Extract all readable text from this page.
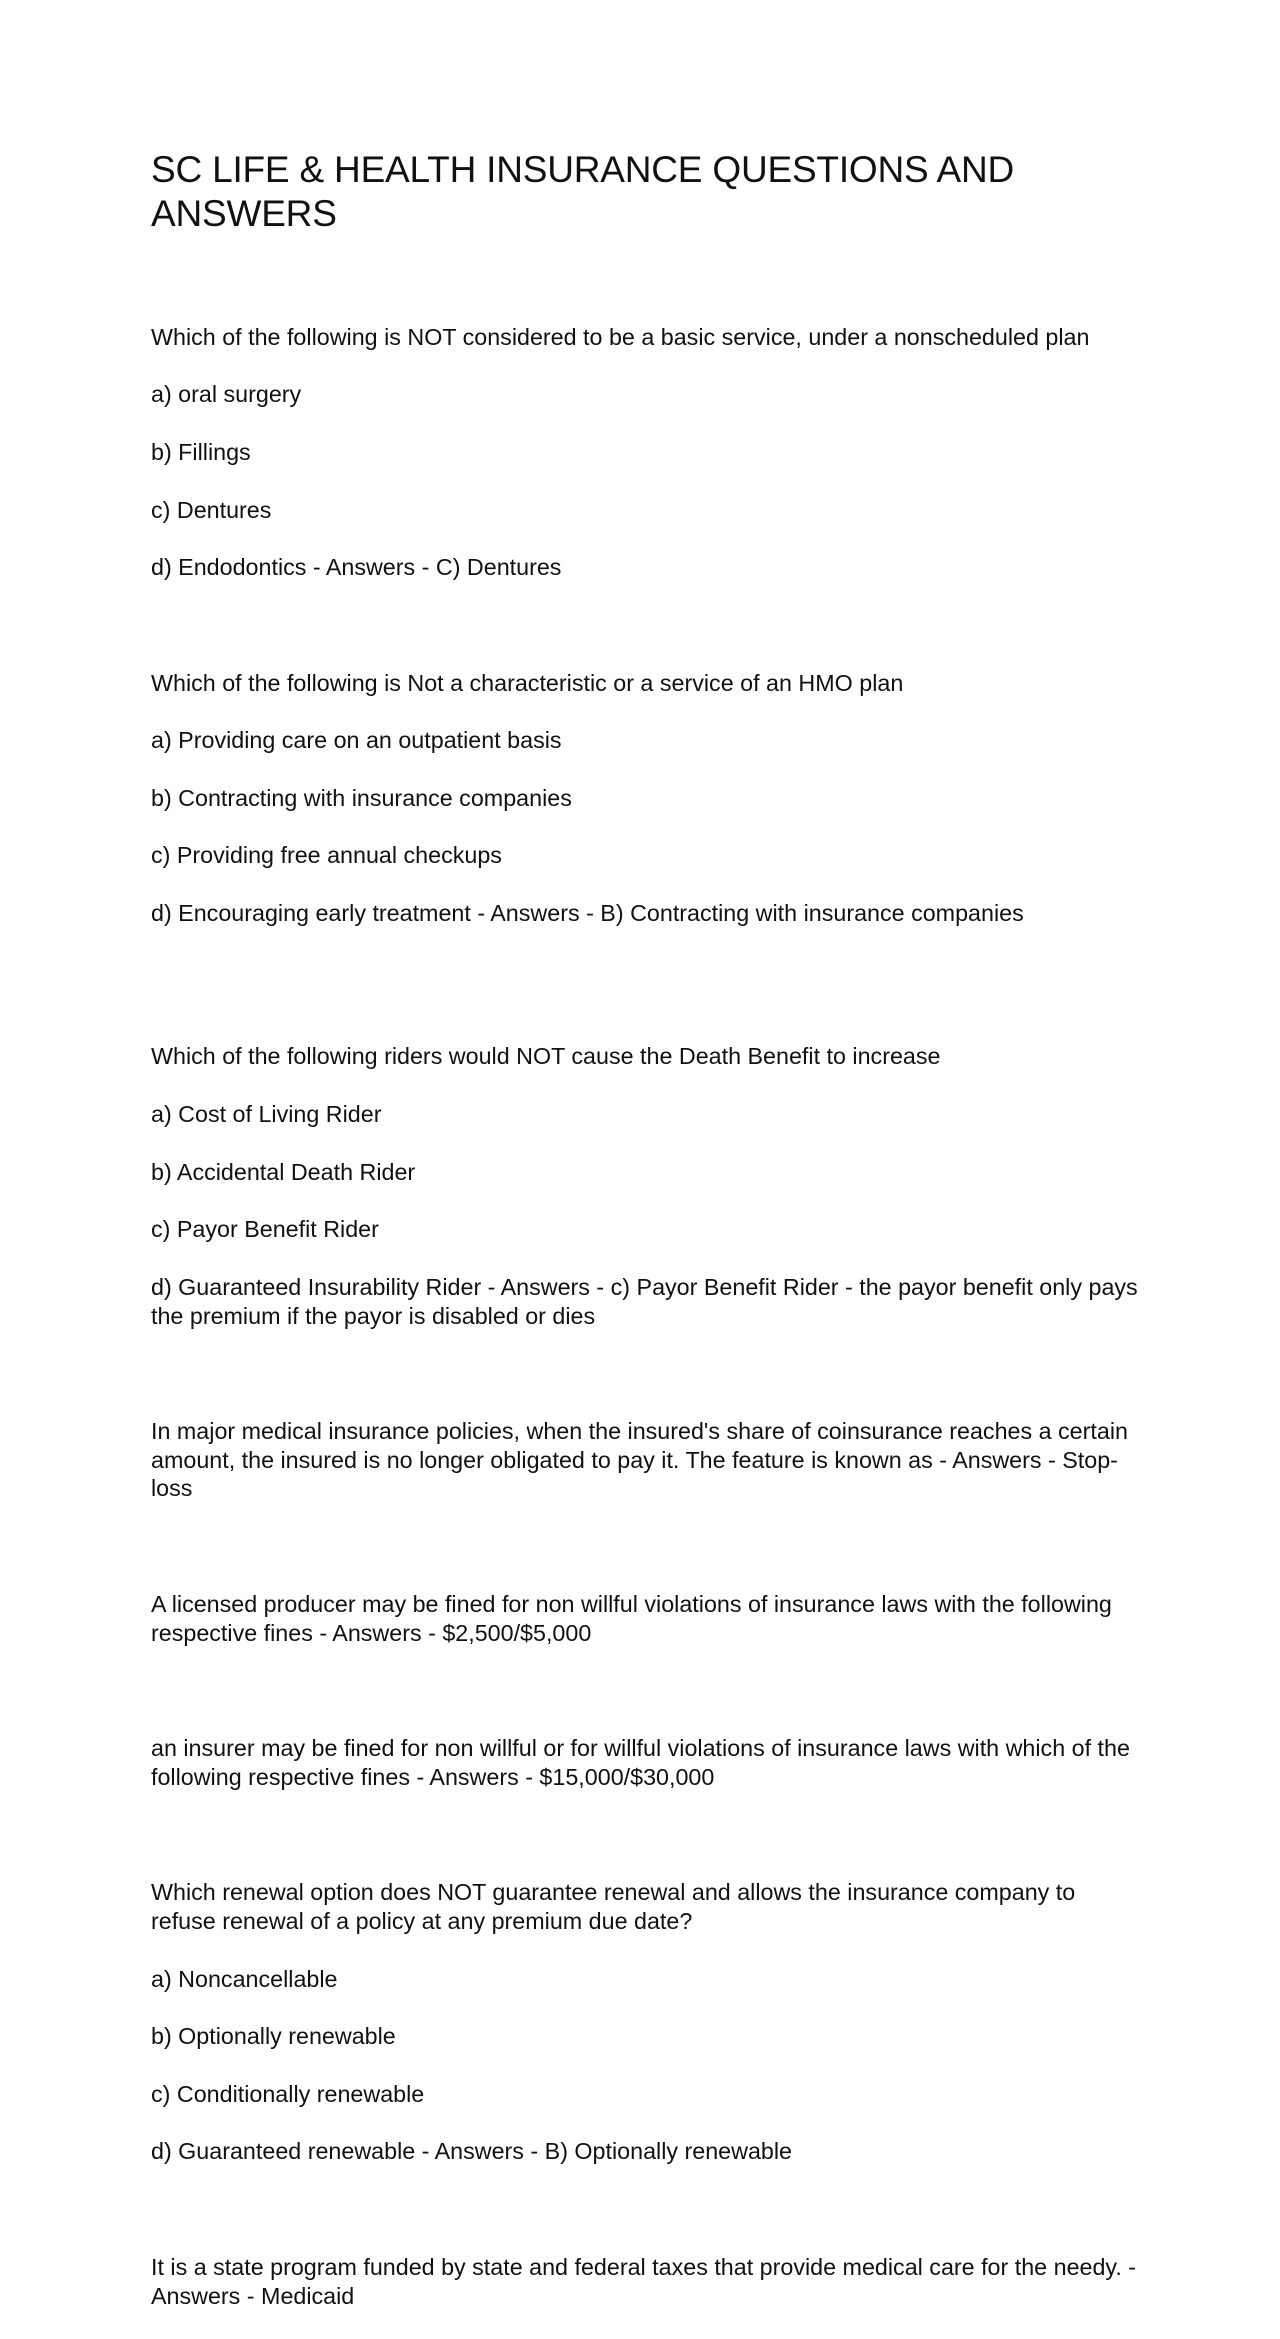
SC LIFE & HEALTH INSURANCE QUESTIONS AND ANSWERS

Which of the following is NOT considered to be a basic service, under a nonscheduled plan

a) oral surgery

b) Fillings

c) Dentures

d) Endodontics - Answers - C) Dentures

Which of the following is Not a characteristic or a service of an HMO plan

a) Providing care on an outpatient basis

b) Contracting with insurance companies

c) Providing free annual checkups

d) Encouraging early treatment - Answers - B) Contracting with insurance companies

Which of the following riders would NOT cause the Death Benefit to increase

a) Cost of Living Rider

b) Accidental Death Rider

c) Payor Benefit Rider

d) Guaranteed Insurability Rider - Answers - c) Payor Benefit Rider - the payor benefit only pays the premium if the payor is disabled or dies

In major medical insurance policies, when the insured's share of coinsurance reaches a certain amount, the insured is no longer obligated to pay it. The feature is known as - Answers - Stop-loss

A licensed producer may be fined for non willful violations of insurance laws with the following respective fines - Answers - $2,500/$5,000

an insurer may be fined for non willful or for willful violations of insurance laws with which of the following respective fines - Answers - $15,000/$30,000

Which renewal option does NOT guarantee renewal and allows the insurance company to refuse renewal of a policy at any premium due date?

a) Noncancellable

b) Optionally renewable

c) Conditionally renewable

d) Guaranteed renewable - Answers - B) Optionally renewable

It is a state program funded by state and federal taxes that provide medical care for the needy. - Answers - Medicaid
